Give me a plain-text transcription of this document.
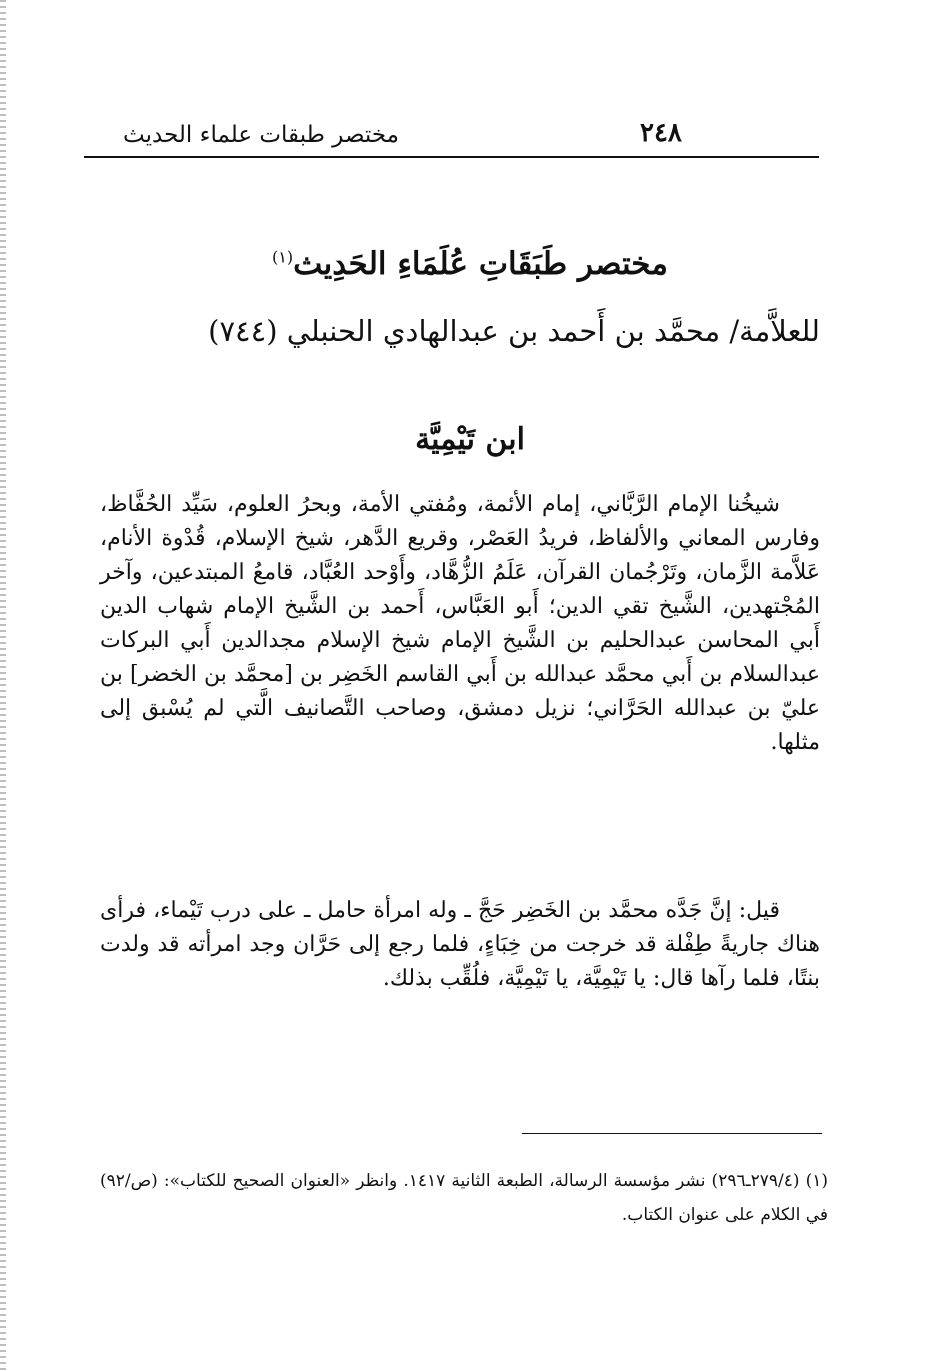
مختصر طبقات علماء الحديث	٢٤٨
مختصر طَبَقَاتِ عُلَمَاءِ الحَدِيث$^{(١)}$
للعلاَّمة/ محمَّد بن أَحمد بن عبدالهادي الحنبلي (٧٤٤)
ابن تَيْمِيَّة

شيخُنا الإمام الرَّبَّاني، إمام الأئمة، ومُفتي الأمة، وبحرُ العلوم، سَيِّد الحُفَّاظ، وفارس المعاني والألفاظ، فريدُ العَصْر، وقريع الدَّهر، شيخ الإسلام، قُدْوة الأنام، عَلاَّمة الزَّمان، وتَرْجُمان القرآن، عَلَمُ الزُّهَّاد، وأَوْحد العُبَّاد، قامعُ المبتدعين، وآخر المُجْتهدين، الشَّيخ تقي الدين؛ أَبو العَبَّاس، أَحمد بن الشَّيخ الإمام شهاب الدين أَبي المحاسن عبدالحليم بن الشَّيخ الإمام شيخ الإسلام مجدالدين أَبي البركات عبدالسلام بن أَبي محمَّد عبدالله بن أَبي القاسم الخَضِر بن [محمَّد بن الخضر] بن عليّ بن عبدالله الحَرَّاني؛ نزيل دمشق، وصاحب التَّصانيف الَّتي لم يُسْبق إلى مثلها.

قيل: إنَّ جَدَّه محمَّد بن الخَضِر حَجَّ ـ وله امرأة حامل ـ على درب تَيْماء، فرأى هناك جاريةً طِفْلة قد خرجت من خِبَاءٍ، فلما رجع إلى حَرَّان وجد امرأته قد ولدت بنتًا، فلما رآها قال: يا تَيْمِيَّة، يا تَيْمِيَّة، فلُقِّب بذلك.

(١) (٢٧٩/٤ـ٢٩٦) نشر مؤسسة الرسالة، الطبعة الثانية ١٤١٧. وانظر «العنوان الصحيح للكتاب»: (ص/٩٢) في الكلام على عنوان الكتاب.
